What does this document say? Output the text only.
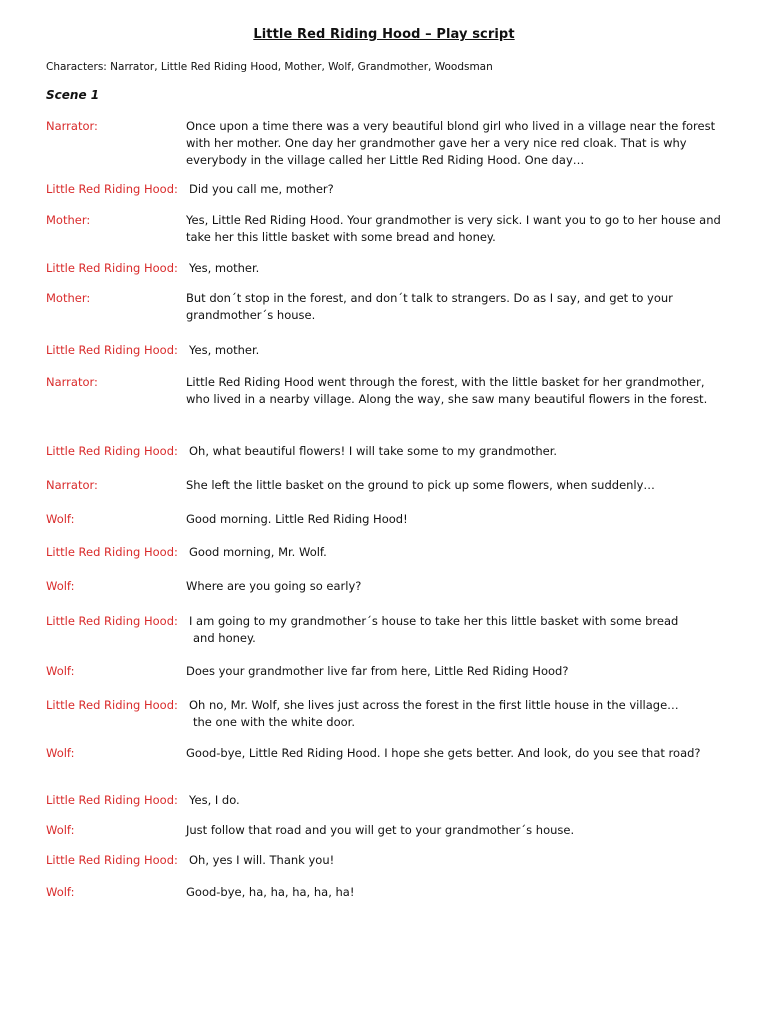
Little Red Riding Hood – Play script
Characters: Narrator, Little Red Riding Hood, Mother, Wolf, Grandmother, Woodsman
Scene 1
Narrator:	Once upon a time there was a very beautiful blond girl who lived in a village near the forest with her mother. One day her grandmother gave her a very nice red cloak. That is why everybody in the village called her Little Red Riding Hood. One day…
Little Red Riding Hood: Did you call me, mother?
Mother:	Yes, Little Red Riding Hood. Your grandmother is very sick. I want you to go to her house and take her this little basket with some bread and honey.
Little Red Riding Hood: Yes, mother.
Mother:	But don´t stop in the forest, and don´t talk to strangers. Do as I say, and get to your grandmother´s house.
Little Red Riding Hood: Yes, mother.
Narrator:	Little Red Riding Hood went through the forest, with the little basket for her grandmother, who lived in a nearby village. Along the way, she saw many beautiful flowers in the forest.
Little Red Riding Hood: Oh, what beautiful flowers! I will take some to my grandmother.
Narrator:	She left the little basket on the ground to pick up some flowers, when suddenly…
Wolf:	Good morning. Little Red Riding Hood!
Little Red Riding Hood: Good morning, Mr. Wolf.
Wolf:	Where are you going so early?
Little Red Riding Hood: I am going to my grandmother´s house to take her this little basket with some bread
and honey.
Wolf:	Does your grandmother live far from here, Little Red Riding Hood?
Little Red Riding Hood: Oh no, Mr. Wolf, she lives just across the forest in the first little house in the village…
the one with the white door.
Wolf:	Good-bye, Little Red Riding Hood. I hope she gets better. And look, do you see that road?
Little Red Riding Hood: Yes, I do.
Wolf:	Just follow that road and you will get to your grandmother´s house.
Little Red Riding Hood: Oh, yes I will. Thank you!
Wolf:	Good-bye, ha, ha, ha, ha, ha!
